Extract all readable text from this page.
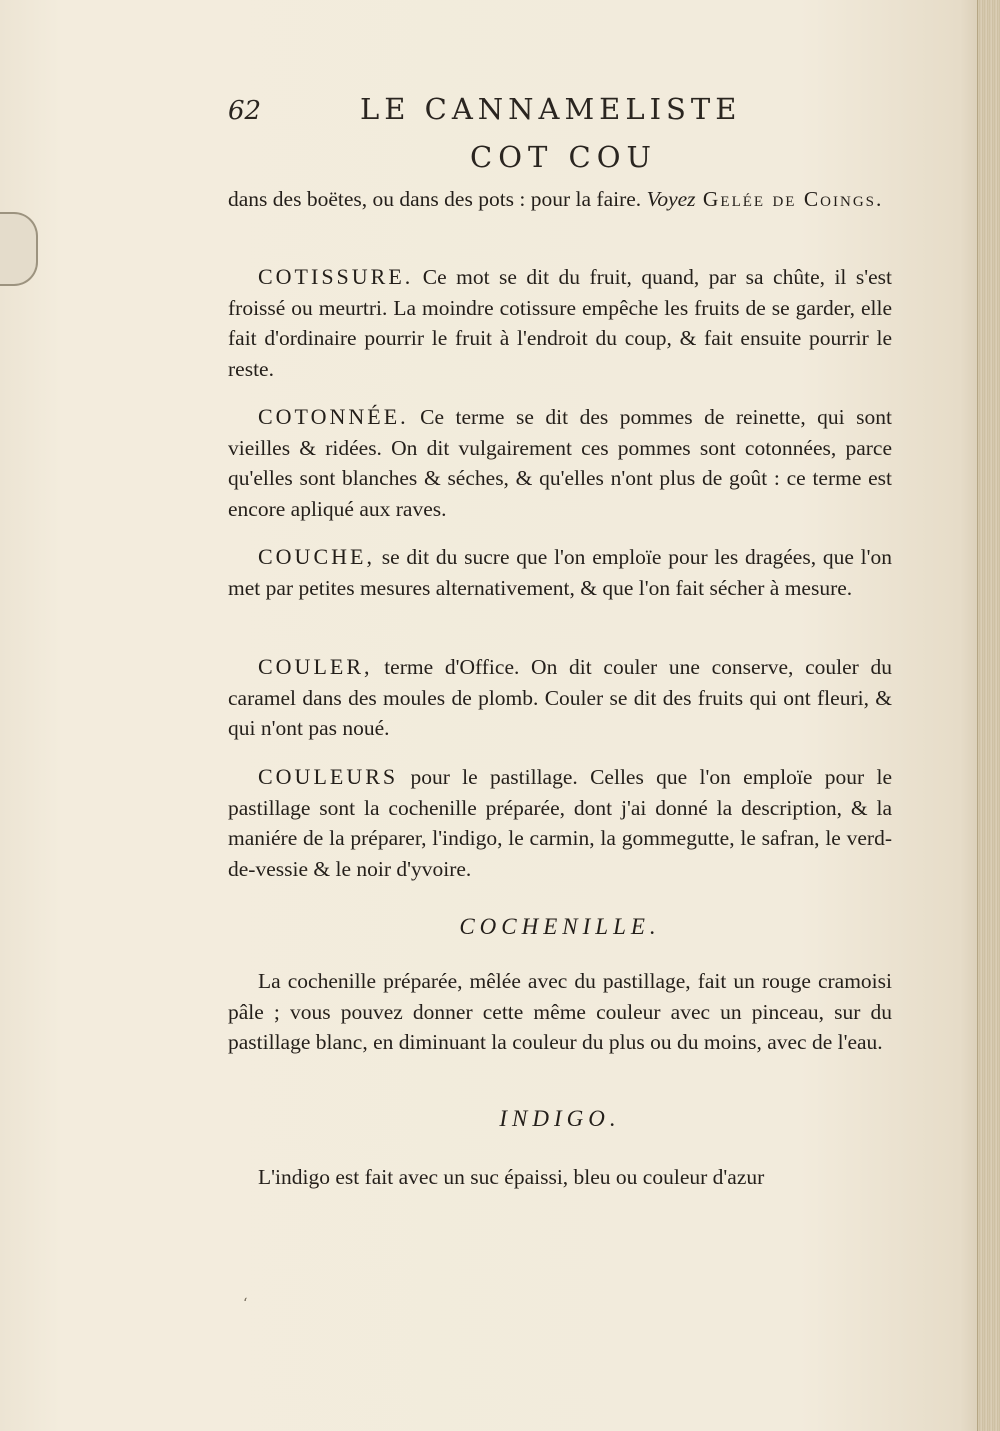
62	LE CANNAMELISTE
COT COU

dans des boëtes, ou dans des pots : pour la faire. Voyez Gelée de Coings.

COTISSURE. Ce mot se dit du fruit, quand, par sa chûte, il s'est froissé ou meurtri. La moindre cotissure empêche les fruits de se garder, elle fait d'ordinaire pourrir le fruit à l'endroit du coup, & fait ensuite pourrir le reste.

COTONNÉE. Ce terme se dit des pommes de reinette, qui sont vieilles & ridées. On dit vulgairement ces pommes sont cotonnées, parce qu'elles sont blanches & séches, & qu'elles n'ont plus de goût : ce terme est encore apliqué aux raves.

COUCHE, se dit du sucre que l'on emploïe pour les dragées, que l'on met par petites mesures alternativement, & que l'on fait sécher à mesure.

COULER, terme d'Office. On dit couler une conserve, couler du caramel dans des moules de plomb. Couler se dit des fruits qui ont fleuri, & qui n'ont pas noué.

COULEURS pour le pastillage. Celles que l'on emploïe pour le pastillage sont la cochenille préparée, dont j'ai donné la description, & la maniére de la préparer, l'indigo, le carmin, la gommegutte, le safran, le verd-de-vessie & le noir d'yvoire.

COCHENILLE.

La cochenille préparée, mêlée avec du pastillage, fait un rouge cramoisi pâle ; vous pouvez donner cette même couleur avec un pinceau, sur du pastillage blanc, en diminuant la couleur du plus ou du moins, avec de l'eau.

INDIGO.

L'indigo est fait avec un suc épaissi, bleu ou couleur d'azur

‘
